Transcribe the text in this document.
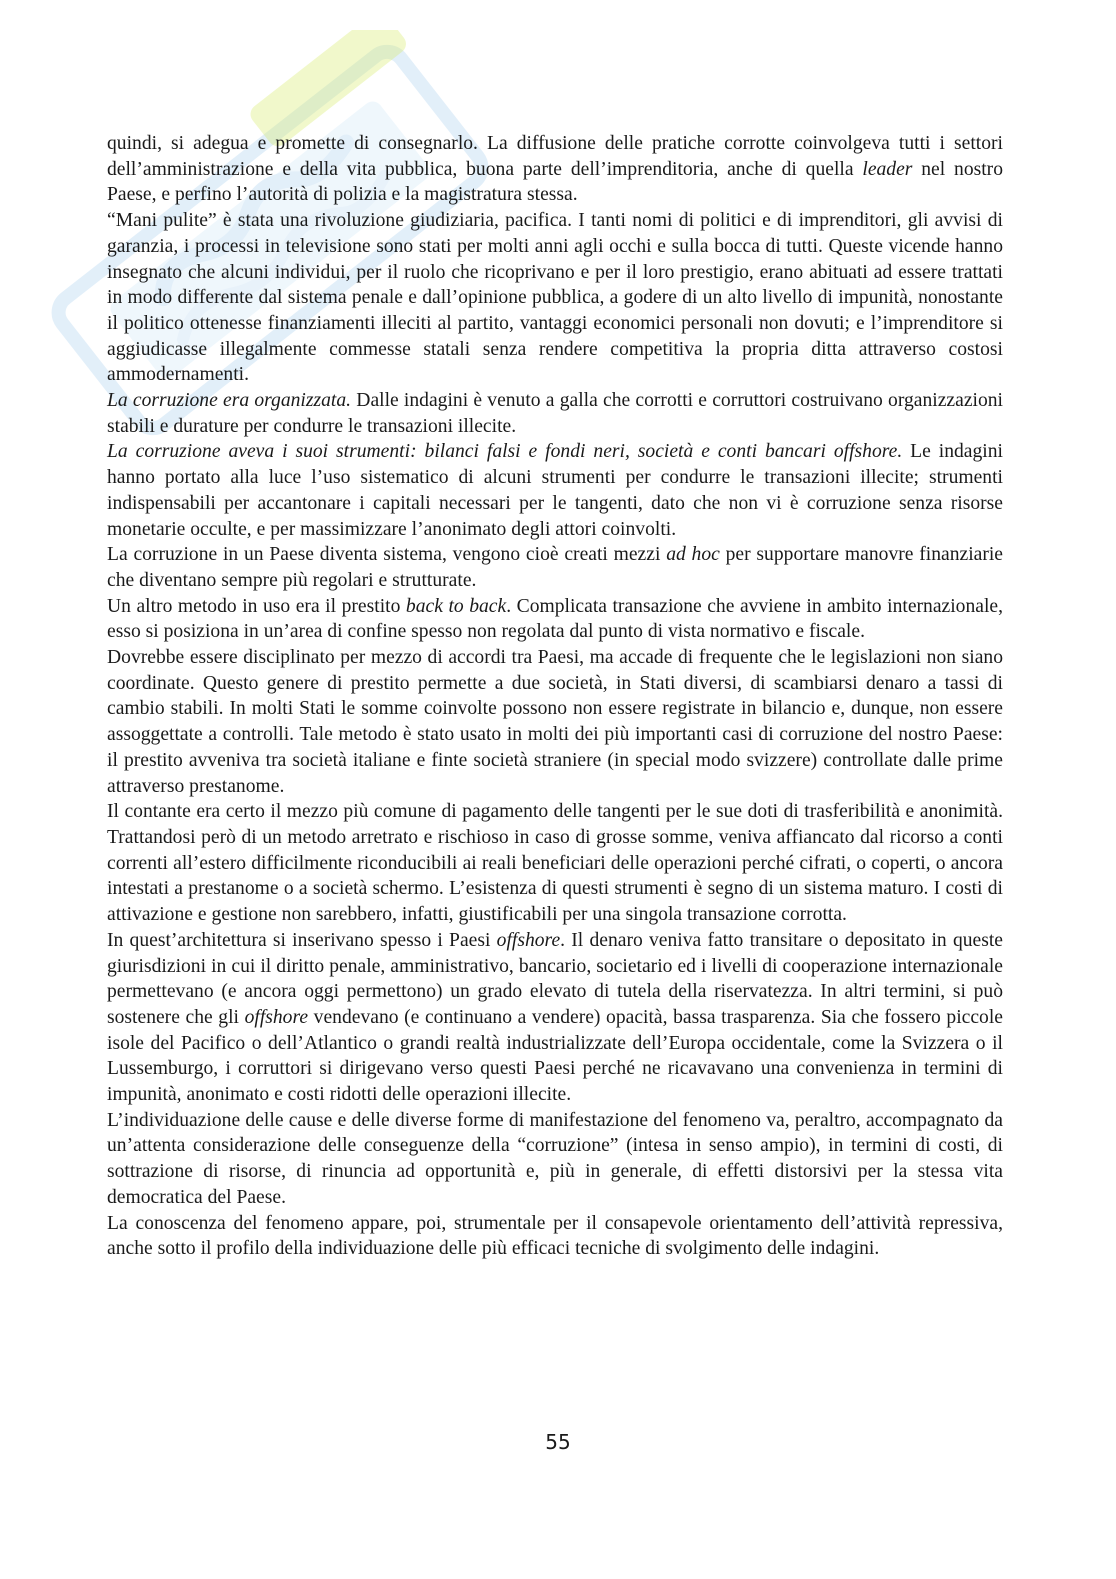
quindi, si adegua e promette di consegnarlo. La diffusione delle pratiche corrotte coinvolgeva tutti i settori dell’amministrazione e della vita pubblica, buona parte dell’imprenditoria, anche di quella leader nel nostro Paese, e perfino l’autorità di polizia e la magistratura stessa.

“Mani pulite” è stata una rivoluzione giudiziaria, pacifica. I tanti nomi di politici e di imprenditori, gli avvisi di garanzia, i processi in televisione sono stati per molti anni agli occhi e sulla bocca di tutti. Queste vicende hanno insegnato che alcuni individui, per il ruolo che ricoprivano e per il loro prestigio, erano abituati ad essere trattati in modo differente dal sistema penale e dall’opinione pubblica, a godere di un alto livello di impunità, nonostante il politico ottenesse finanziamenti illeciti al partito, vantaggi economici personali non dovuti; e l’imprenditore si aggiudicasse illegalmente commesse statali senza rendere competitiva la propria ditta attraverso costosi ammodernamenti.

La corruzione era organizzata. Dalle indagini è venuto a galla che corrotti e corruttori costruivano organizzazioni stabili e durature per condurre le transazioni illecite.

La corruzione aveva i suoi strumenti: bilanci falsi e fondi neri, società e conti bancari offshore. Le indagini hanno portato alla luce l’uso sistematico di alcuni strumenti per condurre le transazioni illecite; strumenti indispensabili per accantonare i capitali necessari per le tangenti, dato che non vi è corruzione senza risorse monetarie occulte, e per massimizzare l’anonimato degli attori coinvolti.

La corruzione in un Paese diventa sistema, vengono cioè creati mezzi ad hoc per supportare manovre finanziarie che diventano sempre più regolari e strutturate.

Un altro metodo in uso era il prestito back to back. Complicata transazione che avviene in ambito internazionale, esso si posiziona in un’area di confine spesso non regolata dal punto di vista normativo e fiscale.

Dovrebbe essere disciplinato per mezzo di accordi tra Paesi, ma accade di frequente che le legislazioni non siano coordinate. Questo genere di prestito permette a due società, in Stati diversi, di scambiarsi denaro a tassi di cambio stabili. In molti Stati le somme coinvolte possono non essere registrate in bilancio e, dunque, non essere assoggettate a controlli. Tale metodo è stato usato in molti dei più importanti casi di corruzione del nostro Paese: il prestito avveniva tra società italiane e finte società straniere (in special modo svizzere) controllate dalle prime attraverso prestanome.

Il contante era certo il mezzo più comune di pagamento delle tangenti per le sue doti di trasferibilità e anonimità. Trattandosi però di un metodo arretrato e rischioso in caso di grosse somme, veniva affiancato dal ricorso a conti correnti all’estero difficilmente riconducibili ai reali beneficiari delle operazioni perché cifrati, o coperti, o ancora intestati a prestanome o a società schermo. L’esistenza di questi strumenti è segno di un sistema maturo. I costi di attivazione e gestione non sarebbero, infatti, giustificabili per una singola transazione corrotta.

In quest’architettura si inserivano spesso i Paesi offshore. Il denaro veniva fatto transitare o depositato in queste giurisdizioni in cui il diritto penale, amministrativo, bancario, societario ed i livelli di cooperazione internazionale permettevano (e ancora oggi permettono) un grado elevato di tutela della riservatezza. In altri termini, si può sostenere che gli offshore vendevano (e continuano a vendere) opacità, bassa trasparenza. Sia che fossero piccole isole del Pacifico o dell’Atlantico o grandi realtà industrializzate dell’Europa occidentale, come la Svizzera o il Lussemburgo, i corruttori si dirigevano verso questi Paesi perché ne ricavavano una convenienza in termini di impunità, anonimato e costi ridotti delle operazioni illecite.

L’individuazione delle cause e delle diverse forme di manifestazione del fenomeno va, peraltro, accompagnato da un’attenta considerazione delle conseguenze della “corruzione” (intesa in senso ampio), in termini di costi, di sottrazione di risorse, di rinuncia ad opportunità e, più in generale, di effetti distorsivi per la stessa vita democratica del Paese.

La conoscenza del fenomeno appare, poi, strumentale per il consapevole orientamento dell’attività repressiva, anche sotto il profilo della individuazione delle più efficaci tecniche di svolgimento delle indagini.

55
